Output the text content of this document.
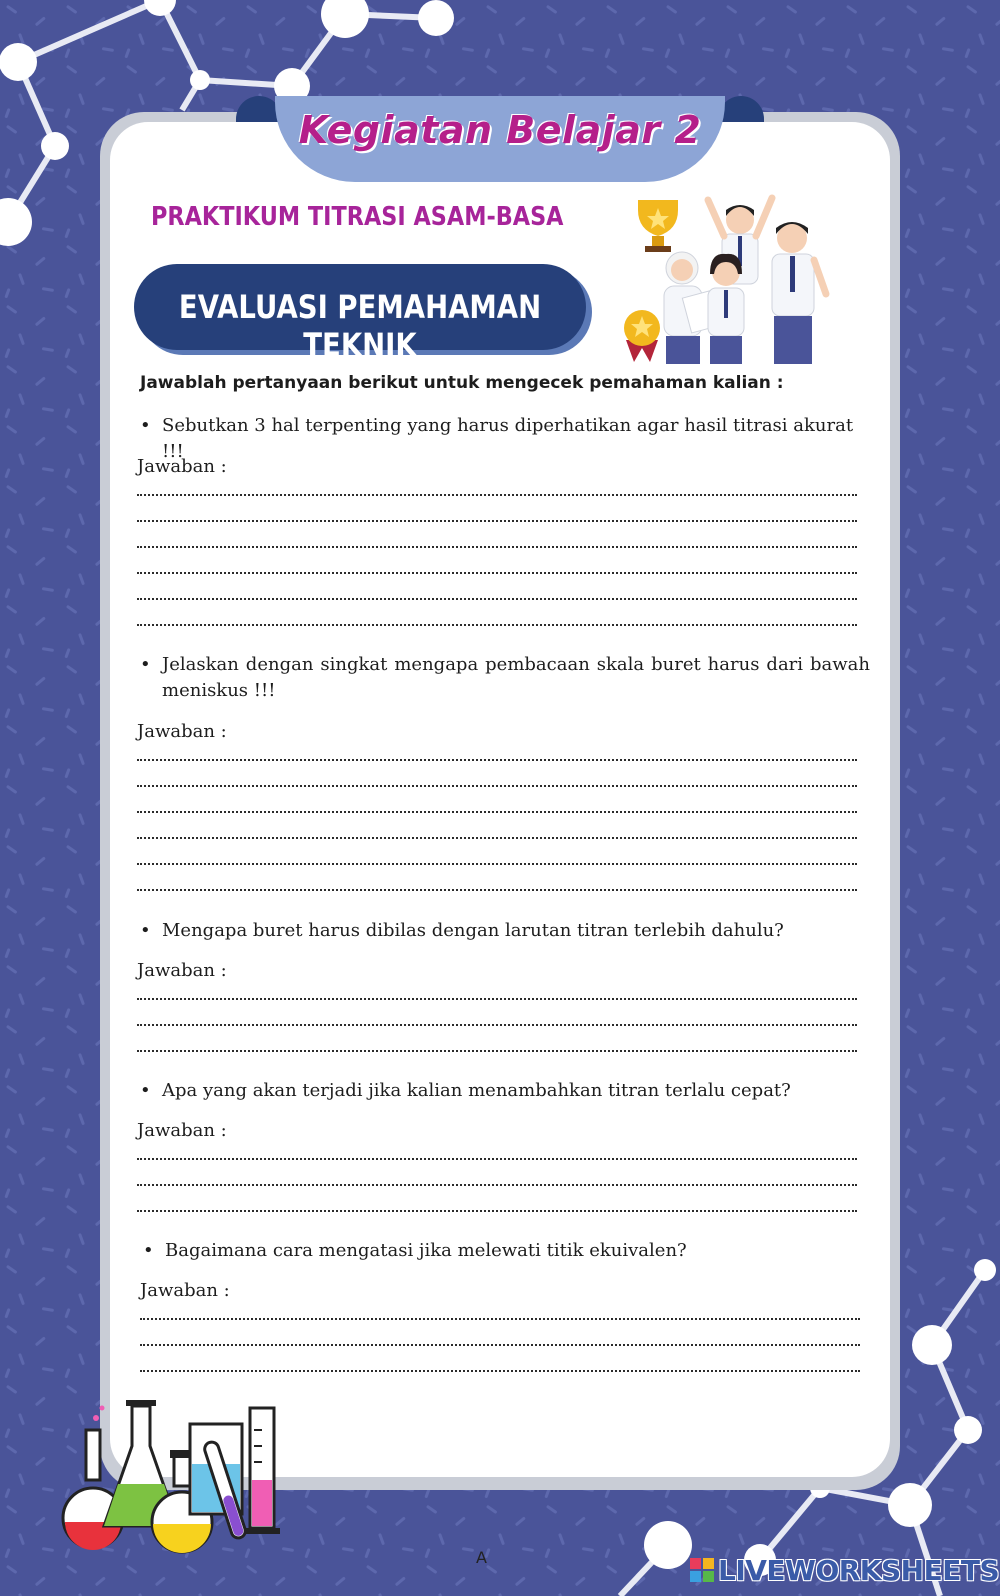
Kegiatan Belajar 2
PRAKTIKUM TITRASI ASAM-BASA
EVALUASI PEMAHAMAN TEKNIK
Jawablah pertanyaan berikut untuk mengecek pemahaman kalian :
• Sebutkan 3 hal terpenting yang harus diperhatikan agar hasil titrasi akurat !!!
Jawaban :
• Jelaskan dengan singkat mengapa pembacaan skala buret harus dari bawah meniskus !!!
Jawaban :
• Mengapa buret harus dibilas dengan larutan titran terlebih dahulu?
Jawaban :
• Apa yang akan terjadi jika kalian menambahkan titran terlalu cepat?
Jawaban :
• Bagaimana cara mengatasi jika melewati titik ekuivalen?
Jawaban :
A	LIVEWORKSHEETS
